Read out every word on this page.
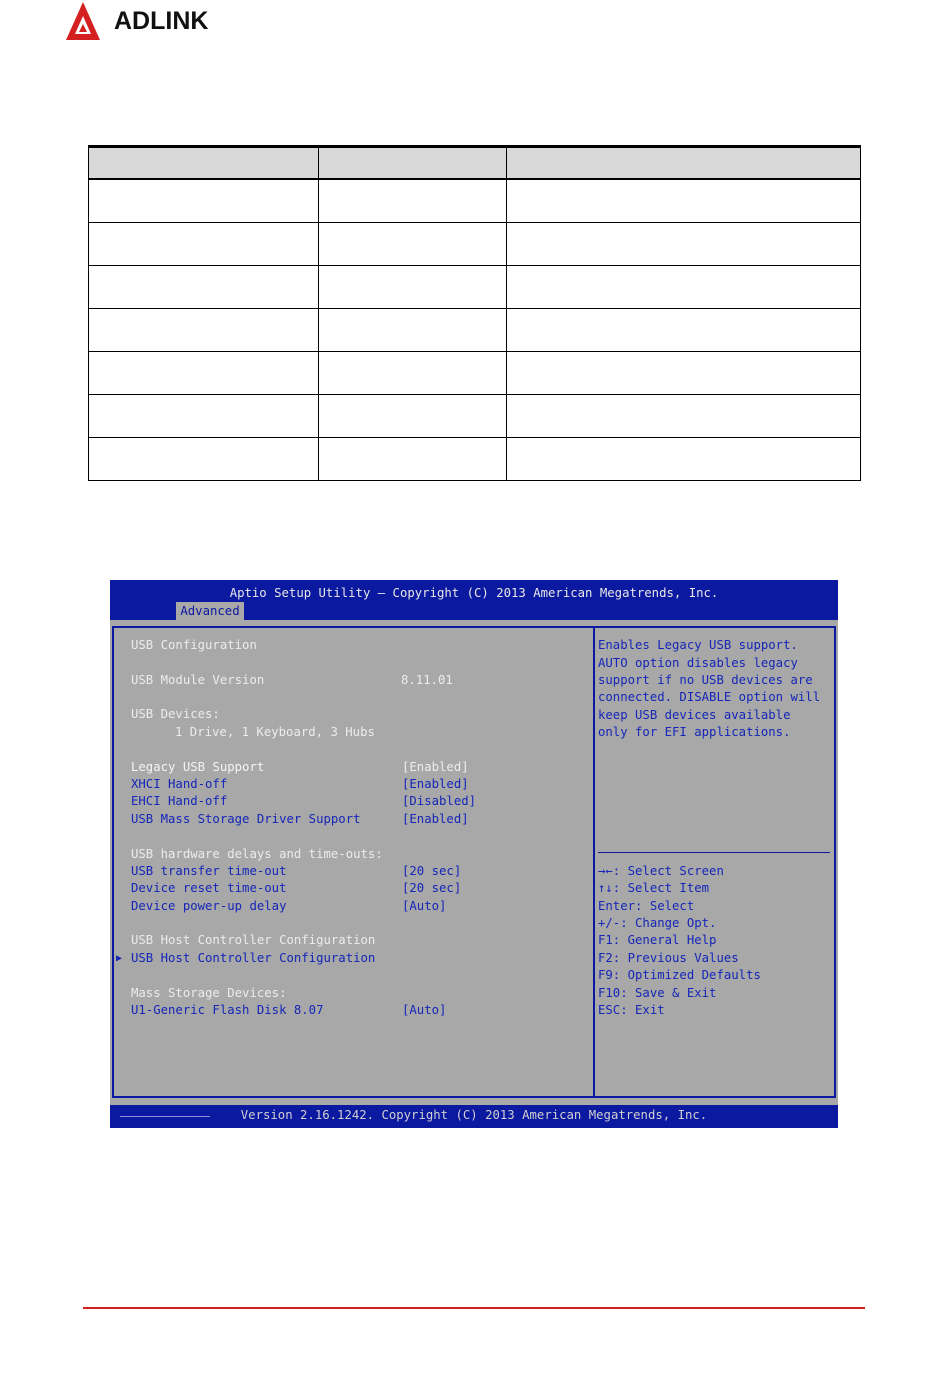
ADLINK

Aptio Setup Utility – Copyright (C) 2013 American Megatrends, Inc.
Advanced
USB Configuration
USB Module Version	8.11.01
USB Devices:
1 Drive, 1 Keyboard, 3 Hubs
Legacy USB Support	[Enabled]
XHCI Hand-off	[Enabled]
EHCI Hand-off	[Disabled]
USB Mass Storage Driver Support	[Enabled]
USB hardware delays and time-outs:
USB transfer time-out	[20 sec]
Device reset time-out	[20 sec]
Device power-up delay	[Auto]
USB Host Controller Configuration
▶ USB Host Controller Configuration
Mass Storage Devices:
U1-Generic Flash Disk 8.07	[Auto]
Enables Legacy USB support.
AUTO option disables legacy
support if no USB devices are
connected. DISABLE option will
keep USB devices available
only for EFI applications.
→←: Select Screen
↑↓: Select Item
Enter: Select
+/-: Change Opt.
F1: General Help
F2: Previous Values
F9: Optimized Defaults
F10: Save & Exit
ESC: Exit
Version 2.16.1242. Copyright (C) 2013 American Megatrends, Inc.
